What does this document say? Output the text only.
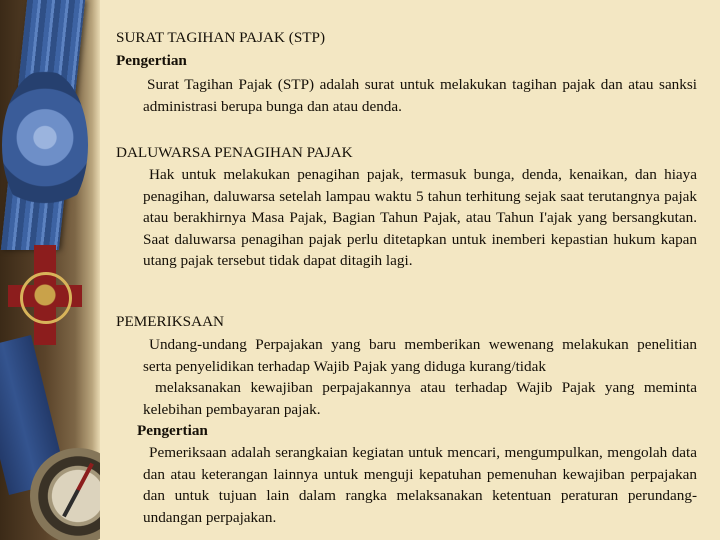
SURAT TAGIHAN PAJAK (STP)

Pengertian

Surat Tagihan Pajak (STP) adalah surat untuk melakukan tagihan pajak dan atau sanksi administrasi berupa bunga dan atau denda.

DALUWARSA PENAGIHAN PAJAK

Hak untuk melakukan penagihan pajak, termasuk bunga, denda, kenaikan, dan hiaya penagihan, daluwarsa setelah lampau waktu 5 tahun terhitung sejak saat terutangnya pajak atau berakhirnya Masa Pajak, Bagian Tahun Pajak, atau Tahun I'ajak yang bersangkutan. Saat daluwarsa penagihan pajak perlu ditetapkan untuk inemberi kepastian hukum kapan utang pajak tersebut tidak dapat ditagih lagi.

PEMERIKSAAN

Undang-undang Perpajakan yang baru memberikan wewenang melakukan penelitian serta penyelidikan terhadap Wajib Pajak yang diduga kurang/tidak

melaksanakan kewajiban perpajakannya atau terhadap Wajib Pajak yang meminta kelebihan pembayaran pajak.

Pengertian

Pemeriksaan adalah serangkaian kegiatan untuk mencari, mengumpulkan, mengolah data dan atau keterangan lainnya untuk menguji kepatuhan pemenuhan kewajiban perpajakan dan untuk tujuan lain dalam rangka melaksanakan ketentuan peraturan perundang-undangan perpajakan.
